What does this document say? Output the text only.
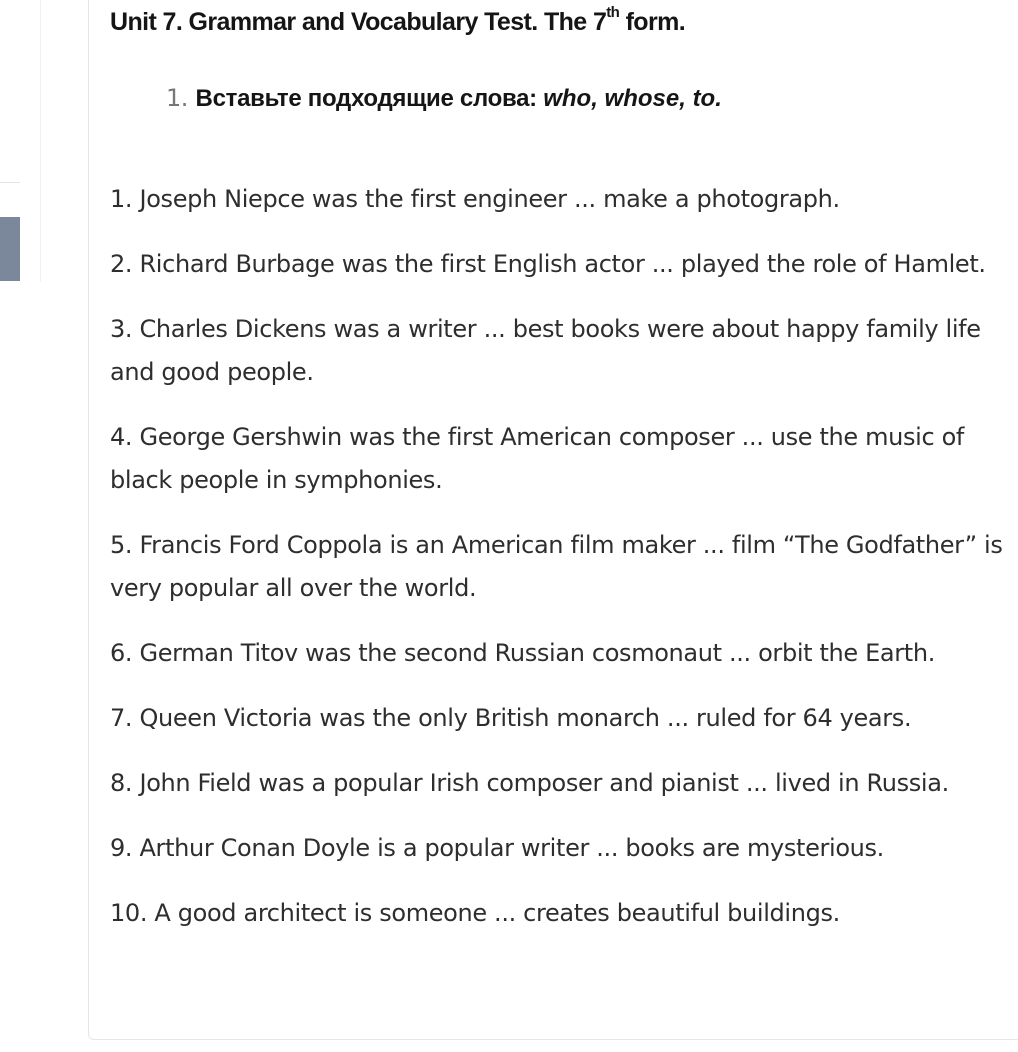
Unit 7. Grammar and Vocabulary Test. The 7th form.

1. Вставьте подходящие слова: who, whose, to.

1. Joseph Niepce was the first engineer ... make a photograph.
2. Richard Burbage was the first English actor ... played the role of Hamlet.
3. Charles Dickens was a writer ... best books were about happy family life and good people.
4. George Gershwin was the first American composer ... use the music of black people in symphonies.
5. Francis Ford Coppola is an American film maker ... film “The Godfather” is very popular all over the world.
6. German Titov was the second Russian cosmonaut ... orbit the Earth.
7. Queen Victoria was the only British monarch ... ruled for 64 years.
8. John Field was a popular Irish composer and pianist ... lived in Russia.
9. Arthur Conan Doyle is a popular writer ... books are mysterious.
10. A good architect is someone ... creates beautiful buildings.
